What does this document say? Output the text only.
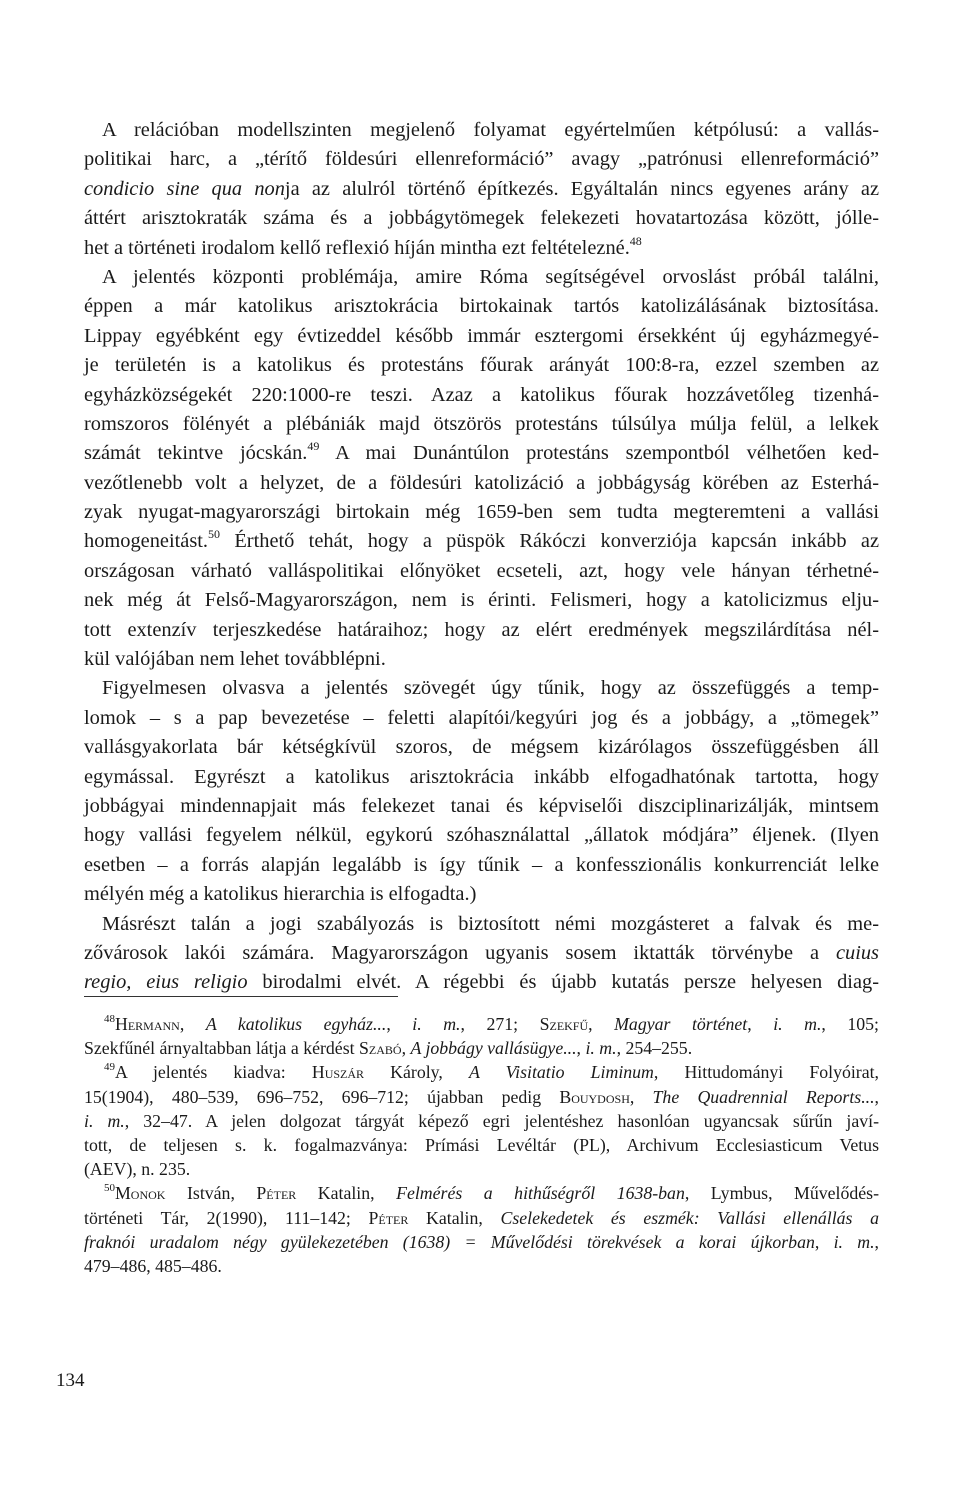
A relációban modellszinten megjelenő folyamat egyértelműen kétpólusú: a vallás-
politikai harc, a „térítő földesúri ellenreformáció” avagy „patrónusi ellenreformáció”
condicio sine qua nonja az alulról történő építkezés. Egyáltalán nincs egyenes arány az
áttért arisztokraták száma és a jobbágytömegek felekezeti hovatartozása között, jólle-
het a történeti irodalom kellő reflexió híján mintha ezt feltételezné.$^{48}$
A jelentés központi problémája, amire Róma segítségével orvoslást próbál találni,
éppen a már katolikus arisztokrácia birtokainak tartós katolizálásának biztosítása.
Lippay egyébként egy évtizeddel később immár esztergomi érsekként új egyházmegyé-
je területén is a katolikus és protestáns főurak arányát 100:8-ra, ezzel szemben az
egyházközségekét 220:1000-re teszi. Azaz a katolikus főurak hozzávetőleg tizenhá-
romszoros fölényét a plébániák majd ötszörös protestáns túlsúlya múlja felül, a lelkek
számát tekintve jócskán.$^{49}$ A mai Dunántúlon protestáns szempontból vélhetően ked-
vezőtlenebb volt a helyzet, de a földesúri katolizáció a jobbágyság körében az Esterhá-
zyak nyugat-magyarországi birtokain még 1659-ben sem tudta megteremteni a vallási
homogeneitást.$^{50}$ Érthető tehát, hogy a püspök Rákóczi konverziója kapcsán inkább az
országosan várható valláspolitikai előnyöket ecseteli, azt, hogy vele hányan térhetné-
nek még át Felső-Magyarországon, nem is érinti. Felismeri, hogy a katolicizmus elju-
tott extenzív terjeszkedése határaihoz; hogy az elért eredmények megszilárdítása nél-
kül valójában nem lehet továbblépni.
Figyelmesen olvasva a jelentés szövegét úgy tűnik, hogy az összefüggés a temp-
lomok – s a pap bevezetése – feletti alapítói/kegyúri jog és a jobbágy, a „tömegek”
vallásgyakorlata bár kétségkívül szoros, de mégsem kizárólagos összefüggésben áll
egymással. Egyrészt a katolikus arisztokrácia inkább elfogadhatónak tartotta, hogy
jobbágyai mindennapjait más felekezet tanai és képviselői diszciplinarizálják, mintsem
hogy vallási fegyelem nélkül, egykorú szóhasználattal „állatok módjára” éljenek. (Ilyen
esetben – a forrás alapján legalább is így tűnik – a konfesszionális konkurrenciát lelke
mélyén még a katolikus hierarchia is elfogadta.)
Másrészt talán a jogi szabályozás is biztosított némi mozgásteret a falvak és me-
zővárosok lakói számára. Magyarországon ugyanis sosem iktatták törvénybe a cuius
regio, eius religio birodalmi elvét. A régebbi és újabb kutatás persze helyesen diag-
$^{48}$Hermann, A katolikus egyház..., i. m., 271; Szekfű, Magyar történet, i. m., 105;
Szekfűnél árnyaltabban látja a kérdést Szabó, A jobbágy vallásügye..., i. m., 254–255.
$^{49}$A jelentés kiadva: Huszár Károly, A Visitatio Liminum, Hittudományi Folyóirat,
15(1904), 480–539, 696–752, 696–712; újabban pedig Bouydosh, The Quadrennial Reports...,
i. m., 32–47. A jelen dolgozat tárgyát képező egri jelentéshez hasonlóan ugyancsak sűrűn javí-
tott, de teljesen s. k. fogalmazványa: Prímási Levéltár (PL), Archivum Ecclesiasticum Vetus
(AEV), n. 235.
$^{50}$Monok István, Péter Katalin, Felmérés a hithűségről 1638-ban, Lymbus, Művelődés-
történeti Tár, 2(1990), 111–142; Péter Katalin, Cselekedetek és eszmék: Vallási ellenállás a
fraknói uradalom négy gyülekezetében (1638) = Művelődési törekvések a korai újkorban, i. m.,
479–486, 485–486.
134
